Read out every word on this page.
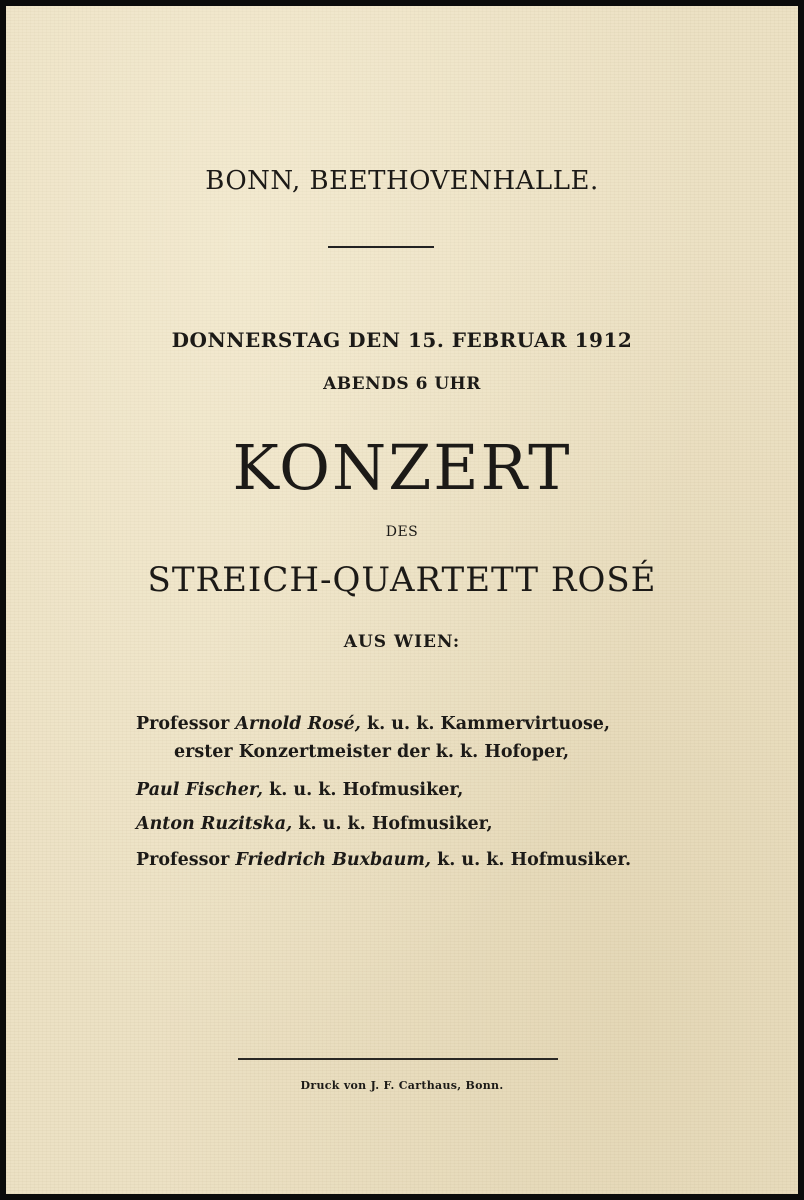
BONN, BEETHOVENHALLE.

DONNERSTAG DEN 15. FEBRUAR 1912

ABENDS 6 UHR

KONZERT

DES

STREICH-QUARTETT ROSÉ

AUS WIEN:

Professor Arnold Rosé, k. u. k. Kammervirtuose,

erster Konzertmeister der k. k. Hofoper,

Paul Fischer, k. u. k. Hofmusiker,

Anton Ruzitska, k. u. k. Hofmusiker,

Professor Friedrich Buxbaum, k. u. k. Hofmusiker.

Druck von J. F. Carthaus, Bonn.
